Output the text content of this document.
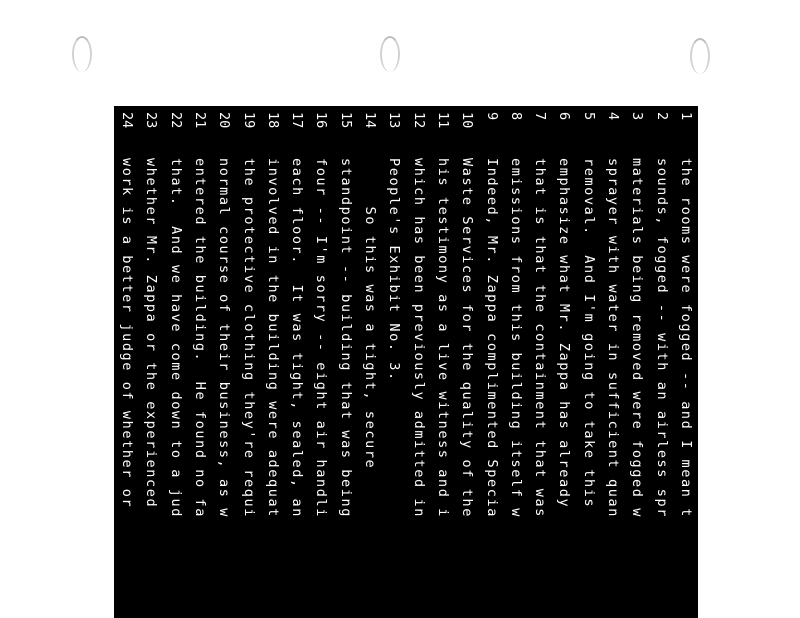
1
the rooms were fogged -- and I mean t
2
sounds, fogged -- with an airless spr
3
materials being removed were fogged w
4
sprayer with water in sufficient quan
5
removal.  And I'm going to take this
6
emphasize what Mr. Zappa has already
7
that is that the containment that was
8
emissions from this building itself w
9
Indeed, Mr. Zappa complimented Specia
10
Waste Services for the quality of the
11
his testimony as a live witness and i
12
which has been previously admitted in
13
People's Exhibit No. 3.
14
So this was a tight, secure
15
standpoint -- building that was being
16
four -- I'm sorry -- eight air handli
17
each floor.  It was tight, sealed, an
18
involved in the building were adequat
19
the protective clothing they're requi
20
normal course of their business, as w
21
entered the building.  He found no fa
22
that.  And we have come down to a jud
23
whether Mr. Zappa or the experienced
24
work is a better judge of whether or
